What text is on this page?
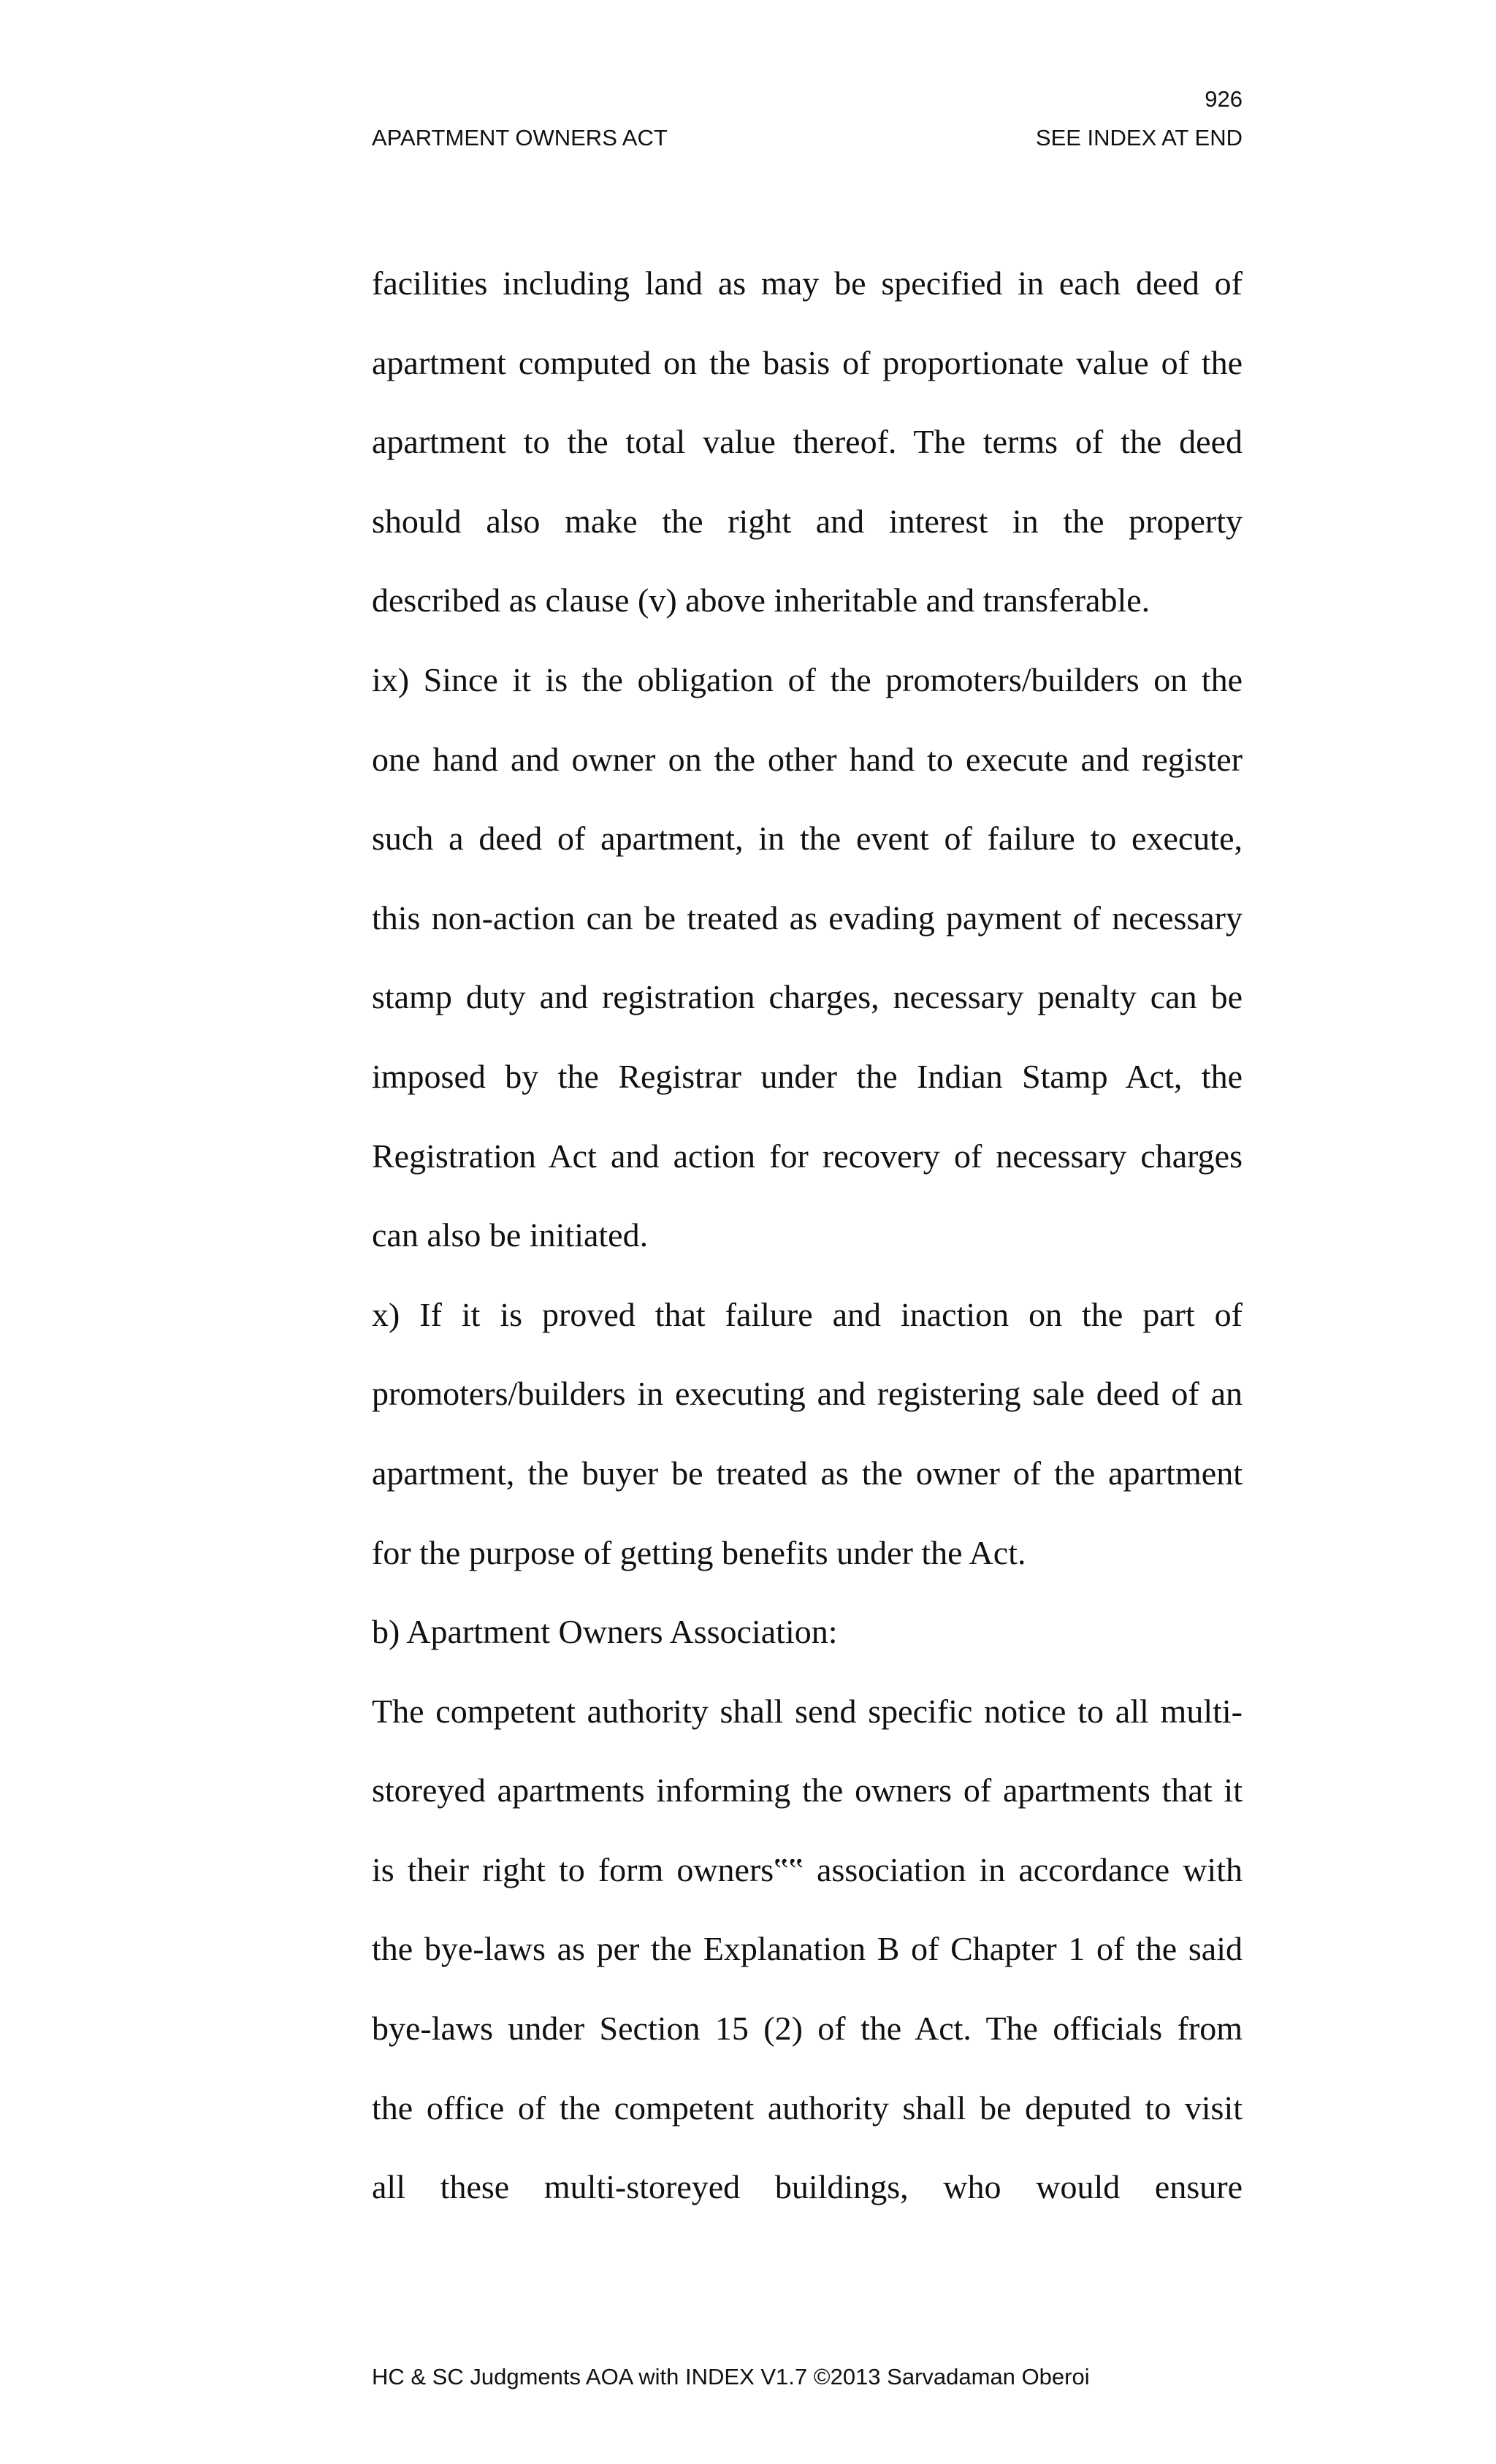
926
APARTMENT OWNERS ACT	SEE INDEX AT END
facilities including land as may be specified in each deed of
apartment computed on the basis of proportionate value of the
apartment to the total value thereof. The terms of the deed
should also make the right and interest in the property
described as clause (v) above inheritable and transferable.
ix) Since it is the obligation of the promoters/builders on the
one hand and owner on the other hand to execute and register
such a deed of apartment, in the event of failure to execute,
this non-action can be treated as evading payment of necessary
stamp duty and registration charges, necessary penalty can be
imposed by the Registrar under the Indian Stamp Act, the
Registration Act and action for recovery of necessary charges
can also be initiated.
x) If it is proved that failure and inaction on the part of
promoters/builders in executing and registering sale deed of an
apartment, the buyer be treated as the owner of the apartment
for the purpose of getting benefits under the Act.
b) Apartment Owners Association:
The competent authority shall send specific notice to all multi-
storeyed apartments informing the owners of apartments that it
is their right to form owners‟‟ association in accordance with
the bye-laws as per the Explanation B of Chapter 1 of the said
bye-laws under Section 15 (2) of the Act. The officials from
the office of the competent authority shall be deputed to visit
all these multi-storeyed buildings, who would ensure
HC & SC Judgments AOA with INDEX V1.7 ©2013 Sarvadaman Oberoi
